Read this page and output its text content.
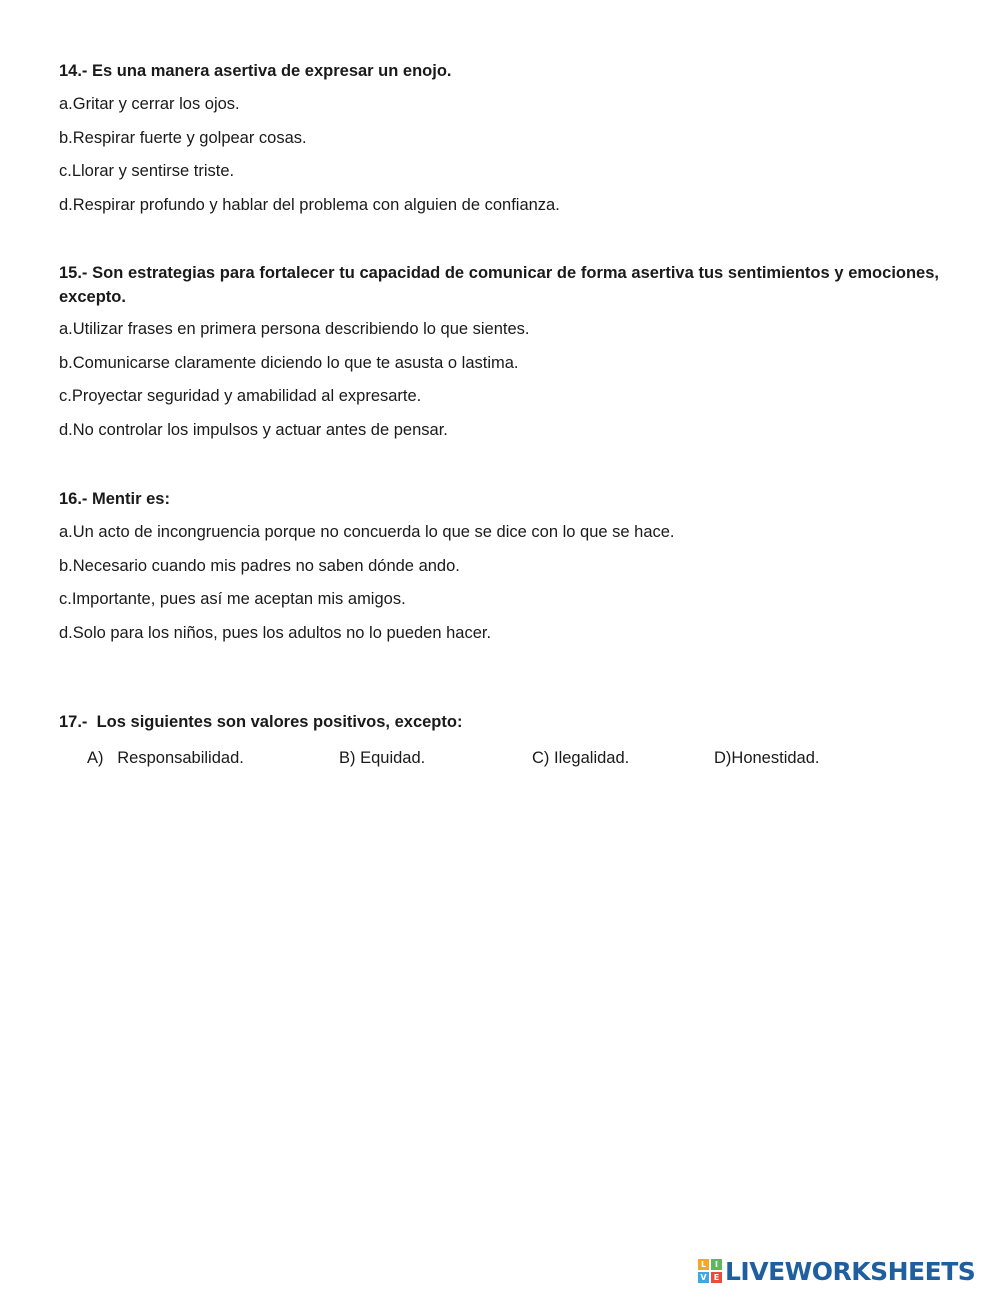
14.- Es una manera asertiva de expresar un enojo.

a.Gritar y cerrar los ojos.

b.Respirar fuerte y golpear cosas.

c.Llorar y sentirse triste.

d.Respirar profundo y hablar del problema con alguien de confianza.

15.- Son estrategias para fortalecer tu capacidad de comunicar de forma asertiva tus sentimientos y emociones, excepto.

a.Utilizar frases en primera persona describiendo lo que sientes.

b.Comunicarse claramente diciendo lo que te asusta o lastima.

c.Proyectar seguridad y amabilidad al expresarte.

d.No controlar los impulsos y actuar antes de pensar.

16.- Mentir es:

a.Un acto de incongruencia porque no concuerda lo que se dice con lo que se hace.

b.Necesario cuando mis padres no saben dónde ando.

c.Importante, pues así me aceptan mis amigos.

d.Solo para los niños, pues los adultos no lo pueden hacer.

17.-  Los siguientes son valores positivos, excepto:

A)   Responsabilidad.	B) Equidad.	C) Ilegalidad.	D)Honestidad.
L	I
V E LIVEWORKSHEETS
